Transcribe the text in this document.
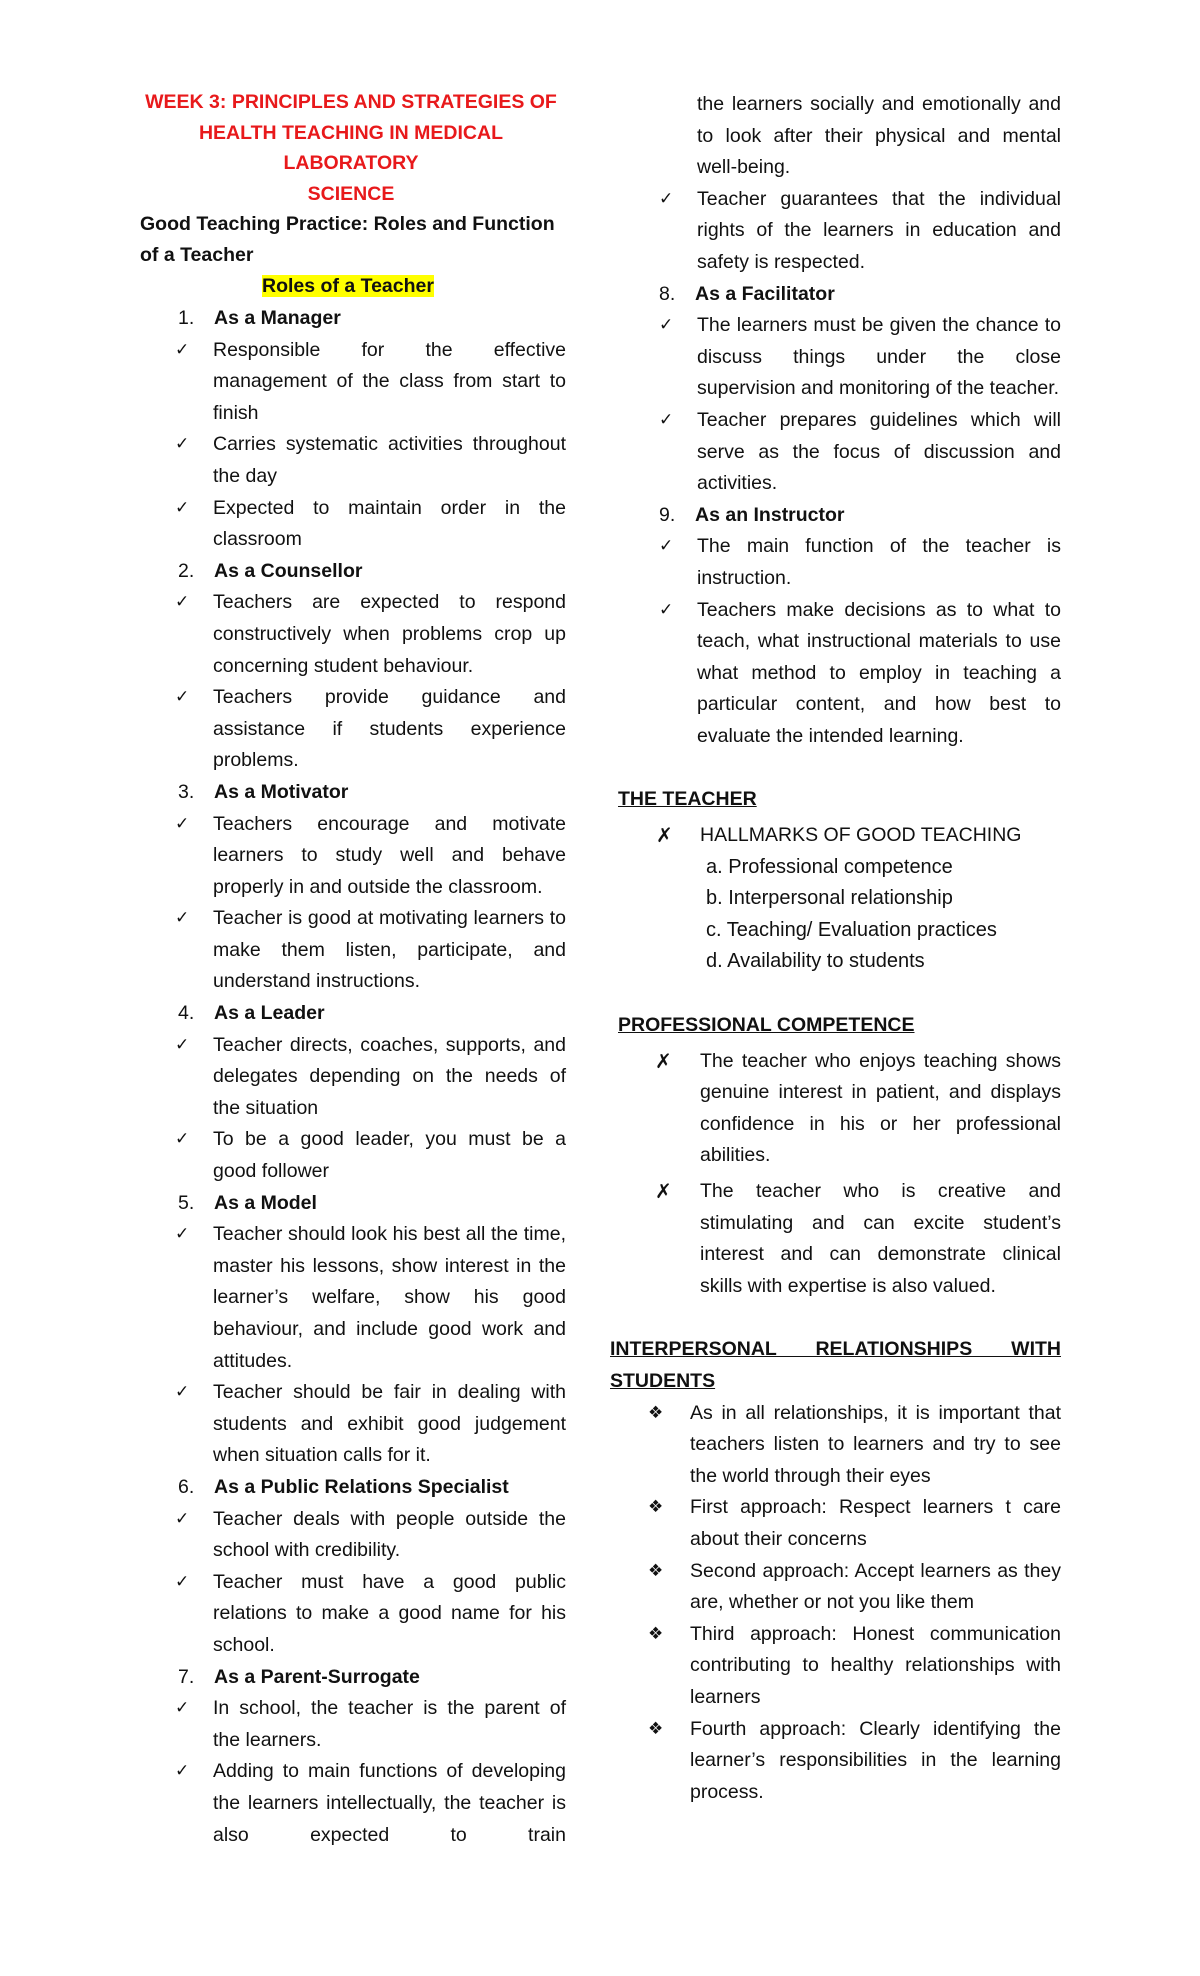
WEEK 3: PRINCIPLES AND STRATEGIES OF
HEALTH TEACHING IN MEDICAL LABORATORY
SCIENCE
Good Teaching Practice: Roles and Function of a Teacher
Roles of a Teacher
1.	As a Manager
✓	Responsible for the effective management of the class from start to finish
✓	Carries systematic activities throughout the day
✓	Expected to maintain order in the classroom
2.	As a Counsellor
✓	Teachers are expected to respond constructively when problems crop up concerning student behaviour.
✓	Teachers provide guidance and assistance if students experience problems.
3.	As a Motivator
✓	Teachers encourage and motivate learners to study well and behave properly in and outside the classroom.
✓	Teacher is good at motivating learners to make them listen, participate, and understand instructions.
4.	As a Leader
✓	Teacher directs, coaches, supports, and delegates depending on the needs of the situation
✓	To be a good leader, you must be a good follower
5.	As a Model
✓	Teacher should look his best all the time, master his lessons, show interest in the learner’s welfare, show his good behaviour, and include good work and attitudes.
✓	Teacher should be fair in dealing with students and exhibit good judgement when situation calls for it.
6.	As a Public Relations Specialist
✓	Teacher deals with people outside the school with credibility.
✓	Teacher must have a good public relations to make a good name for his school.
7.	As a Parent-Surrogate
✓	In school, the teacher is the parent of the learners.
✓	Adding to main functions of developing the learners intellectually, the teacher is also expected to train
the learners socially and emotionally and to look after their physical and mental well-being.
✓	Teacher guarantees that the individual rights of the learners in education and safety is respected.
8.	As a Facilitator
✓	The learners must be given the chance to discuss things under the close supervision and monitoring of the teacher.
✓	Teacher prepares guidelines which will serve as the focus of discussion and activities.
9.	As an Instructor
✓	The main function of the teacher is instruction.
✓	Teachers make decisions as to what to teach, what instructional materials to use what method to employ in teaching a particular content, and how best to evaluate the intended learning.
THE TEACHER
✗	HALLMARKS OF GOOD TEACHING
a. Professional competence
b. Interpersonal relationship
c. Teaching/ Evaluation practices
d. Availability to students
PROFESSIONAL COMPETENCE
✗	The teacher who enjoys teaching shows genuine interest in patient, and displays confidence in his or her professional abilities.
✗	The teacher who is creative and stimulating and can excite student’s interest and can demonstrate clinical skills with expertise is also valued.
INTERPERSONAL RELATIONSHIPS WITH
STUDENTS
❖	As in all relationships, it is important that teachers listen to learners and try to see the world through their eyes
❖	First approach: Respect learners t care about their concerns
❖	Second approach: Accept learners as they are, whether or not you like them
❖	Third approach: Honest communication contributing to healthy relationships with learners
❖	Fourth approach: Clearly identifying the learner’s responsibilities in the learning process.
